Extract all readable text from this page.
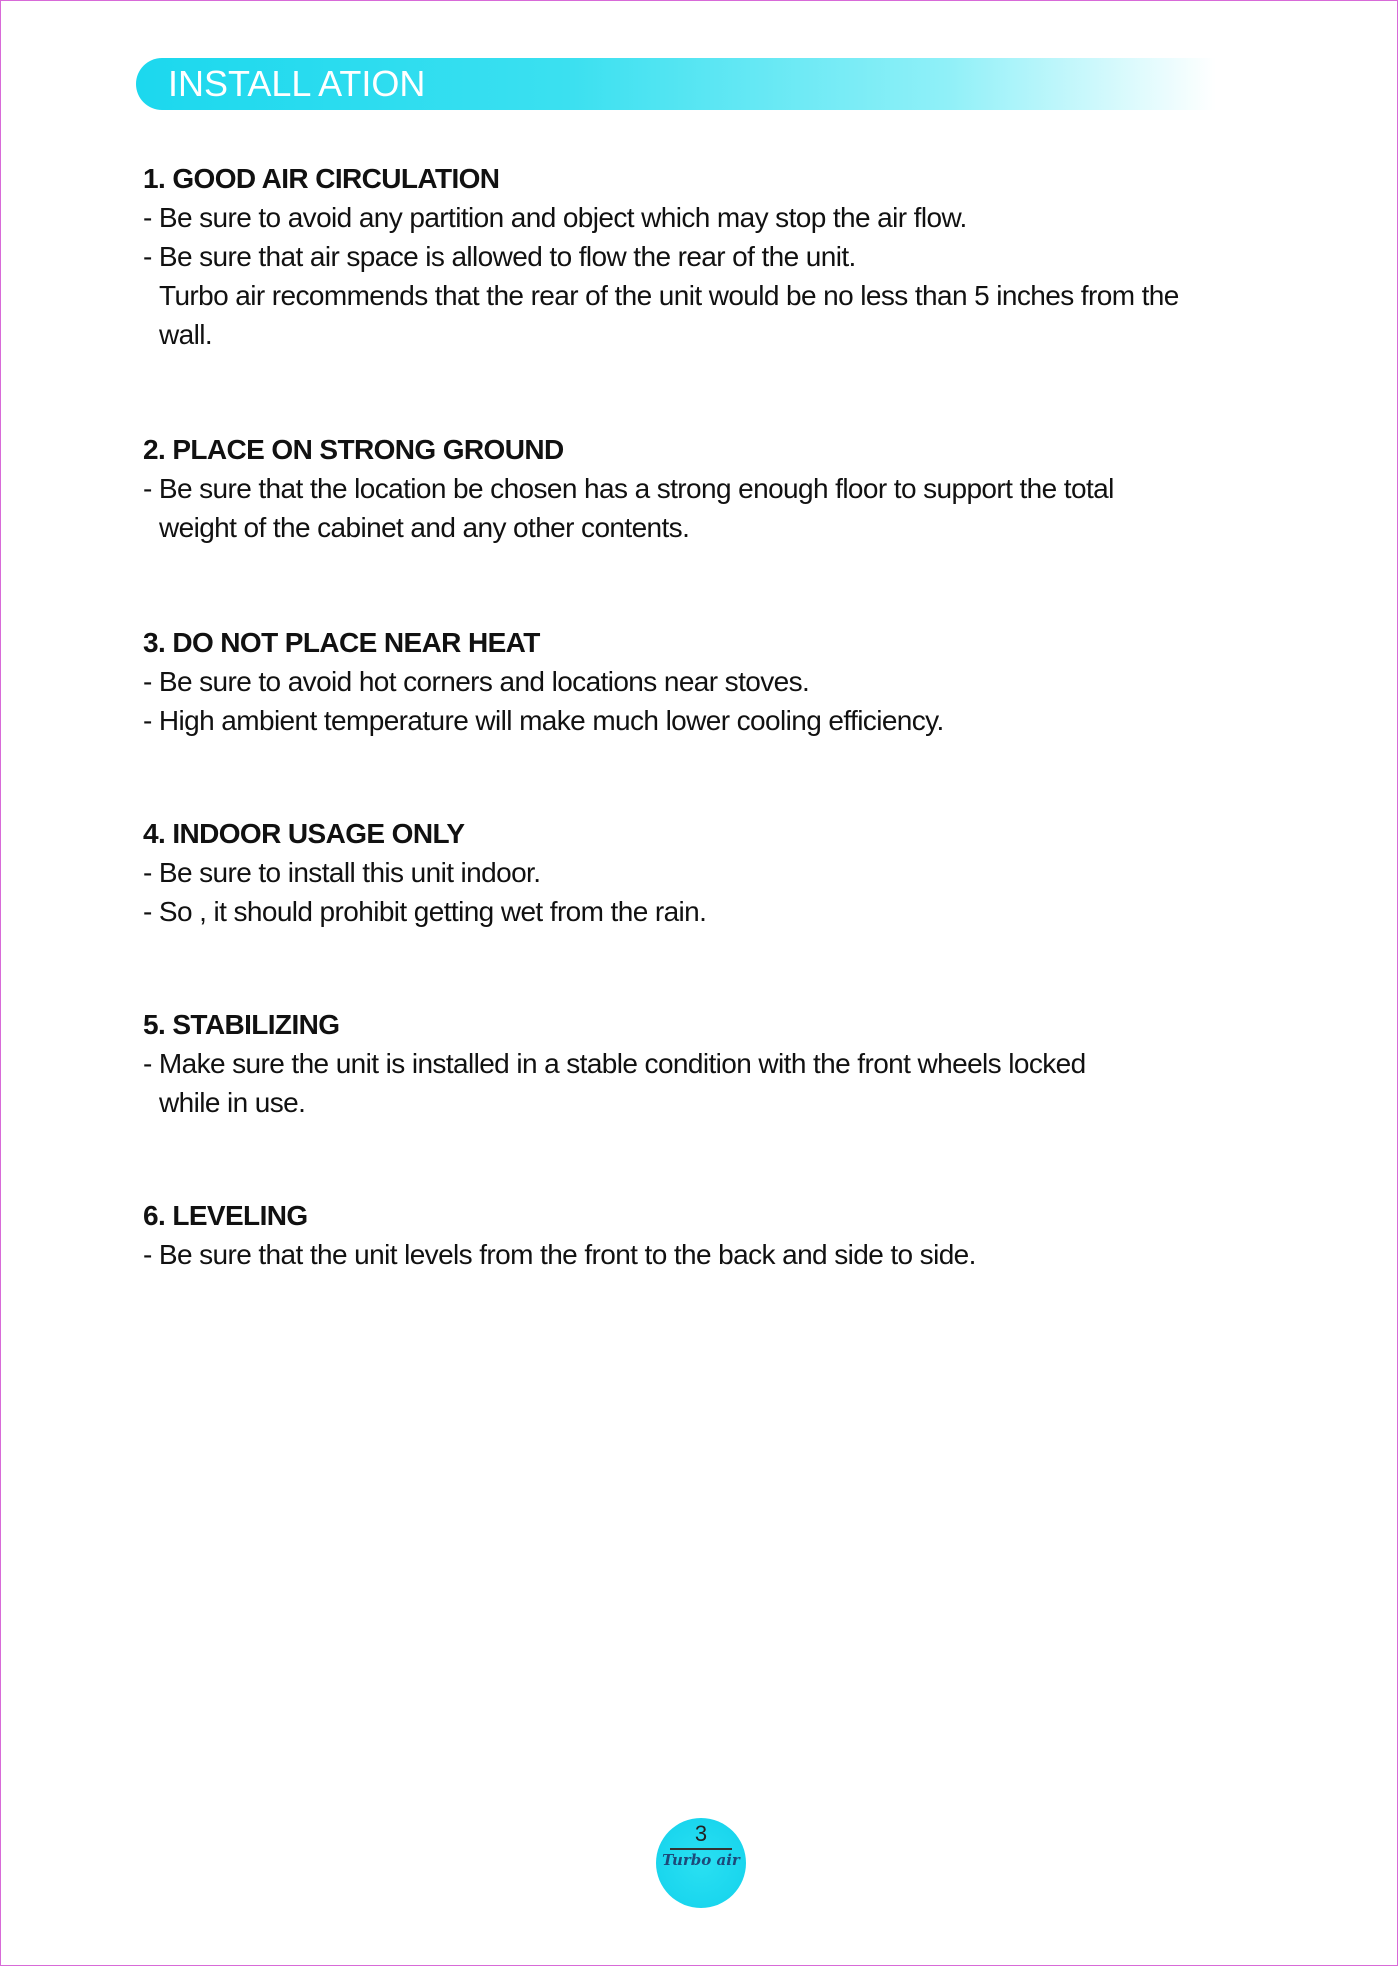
INSTALL ATION

1. GOOD AIR CIRCULATION

- Be sure to avoid any partition and object which may stop the air flow.

- Be sure that air space is allowed to flow the rear of the unit.

Turbo air recommends that the rear of the unit would be no less than 5 inches from the

wall.

2. PLACE ON STRONG GROUND

- Be sure that the location be chosen has a strong enough floor to support the total

weight of the cabinet and any other contents.

3. DO NOT PLACE NEAR HEAT

- Be sure to avoid hot corners and locations near stoves.

- High ambient temperature will make much lower cooling efficiency.

4. INDOOR USAGE ONLY

- Be sure to install this unit indoor.

- So , it should prohibit getting wet from the rain.

5. STABILIZING

- Make sure the unit is installed in a stable condition with the front wheels locked

while in use.

6. LEVELING

- Be sure that the unit levels from the front to the back and side to side.

3
Turbo air
